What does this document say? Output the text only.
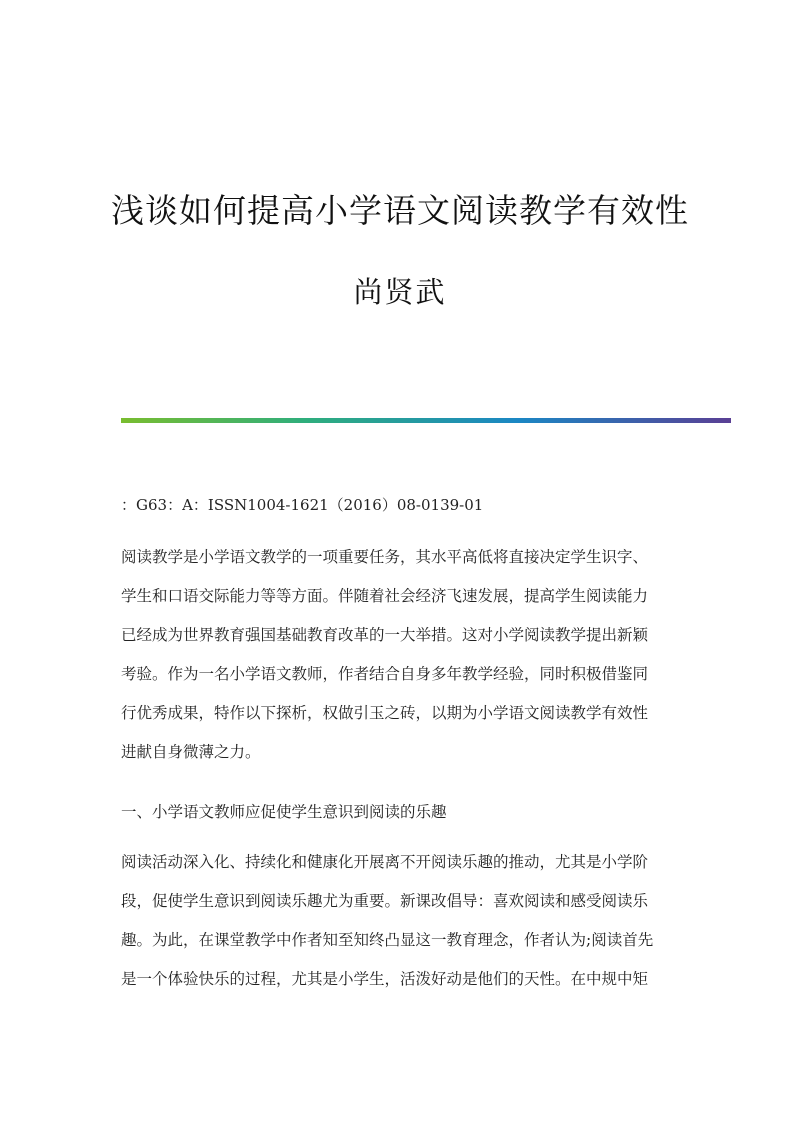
浅谈如何提高小学语文阅读教学有效性
尚贤武
：G63：A：ISSN1004-1621（2016）08-0139-01
阅读教学是小学语文教学的一项重要任务，其水平高低将直接决定学生识字、
学生和口语交际能力等等方面。伴随着社会经济飞速发展，提高学生阅读能力
已经成为世界教育强国基础教育改革的一大举措。这对小学阅读教学提出新颖
考验。作为一名小学语文教师，作者结合自身多年教学经验，同时积极借鉴同
行优秀成果，特作以下探析，权做引玉之砖，以期为小学语文阅读教学有效性
进献自身微薄之力。
一、小学语文教师应促使学生意识到阅读的乐趣
阅读活动深入化、持续化和健康化开展离不开阅读乐趣的推动，尤其是小学阶
段，促使学生意识到阅读乐趣尤为重要。新课改倡导：喜欢阅读和感受阅读乐
趣。为此，在课堂教学中作者知至知终凸显这一教育理念，作者认为;阅读首先
是一个体验快乐的过程，尤其是小学生，活泼好动是他们的天性。在中规中矩
